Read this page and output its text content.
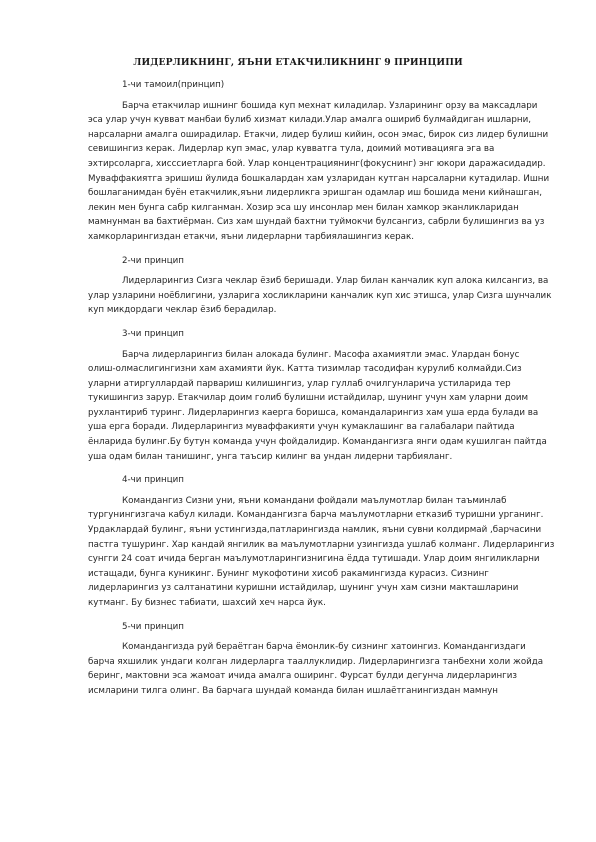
ЛИДЕРЛИКНИНГ, ЯЪНИ ЕТАКЧИЛИКНИНГ 9 ПРИНЦИПИ

1-чи тамоил(принцип)

Барча етакчилар ишнинг бошида куп мехнат киладилар. Узларининг орзу ва максадлари
эса улар учун кувват манбаи булиб хизмат килади.Улар амалга ошириб булмайдиган ишларни,
нарсаларни амалга оширадилар. Етакчи, лидер булиш кийин, осон эмас, бирок сиз лидер булишни
севишингиз керак. Лидерлар куп эмас, улар кувватга тула, доимий мотивацияга эга ва
эхтирсоларга, хисссиетларга бой. Улар концентрациянинг(фокуснинг) энг юкори даражасидадир.
Муваффакиятга эришиш йулида бошкалардан хам узларидан кутган нарсаларни кутадилар. Ишни
бошлаганимдан буён етакчилик,яъни лидерликга эришган одамлар иш бошида мени кийнашган,
лекин мен бунга сабр килганман. Хозир эса шу инсонлар мен билан хамкор эканликларидан
мамнунман ва бахтиёрман. Сиз хам шундай бахтни туймокчи булсангиз, сабрли булишингиз ва уз
хамкорларингиздан етакчи, яъни лидерларни тарбиялашингиз керак.

2-чи принцип

Лидерларингиз Сизга чеклар ёзиб беришади. Улар билан канчалик куп алока килсангиз, ва
улар узларини ноёблигини, узларига хосликларини канчалик куп хис этишса, улар Сизга шунчалик
куп микдордаги чеклар ёзиб берадилар.

3-чи принцип

Барча лидерларингиз билан алокада булинг. Масофа ахамиятли эмас. Улардан бонус
олиш-олмаслигингизни хам ахамияти йук. Катта тизимлар тасодифан курулиб колмайди.Сиз
уларни атиргуллардай парвариш килишингиз, улар гуллаб очилгунларича устиларида тер
тукишингиз зарур. Етакчилар доим голиб булишни истайдилар, шунинг учун хам уларни доим
рухлантириб туринг. Лидерларингиз каерга боришса, командаларингиз хам уша ерда булади ва
уша ерга боради. Лидерларингиз муваффакияти учун кумаклашинг ва галабалари пайтида
ёнларида булинг.Бу бутун команда учун фойдалидир. Командангизга янги одам кушилган пайтда
уша одам билан танишинг, унга таъсир килинг ва ундан лидерни тарбияланг.

4-чи принцип

Командангиз Сизни уни, яъни командани фойдали маълумотлар билан таъминлаб
тургунингизгача кабул килади. Командангизга барча маълумотларни етказиб туришни урганинг.
Урдаклардай булинг, яъни устингизда,патларингизда намлик, яъни сувни колдирмай ,барчасини
пастга тушуринг. Хар кандай янгилик ва маълумотларни узингизда ушлаб колманг. Лидерларингиз
сунгги 24 соат ичида берган маълумотларингизнигина ёдда тутишади. Улар доим янгиликларни
истащади, бунга куникинг. Бунинг мукофотини хисоб ракамингизда курасиз. Сизнинг
лидерларингиз уз салтанатини куришни истайдилар, шунинг учун хам сизни макташларини
кутманг. Бу бизнес табиати, шахсий хеч нарса йук.

5-чи принцип

Командангизда руй бераётган барча ёмонлик-бу сизнинг хатоингиз. Командангиздаги
барча яхшилик ундаги колган лидерларга тааллуклидир. Лидерларингизга танбехни холи жойда
беринг, мактовни эса жамоат ичида амалга оширинг. Фурсат булди дегунча лидерларингиз
исмларини тилга олинг. Ва барчага шундай команда билан ишлаётганингиздан мамнун
